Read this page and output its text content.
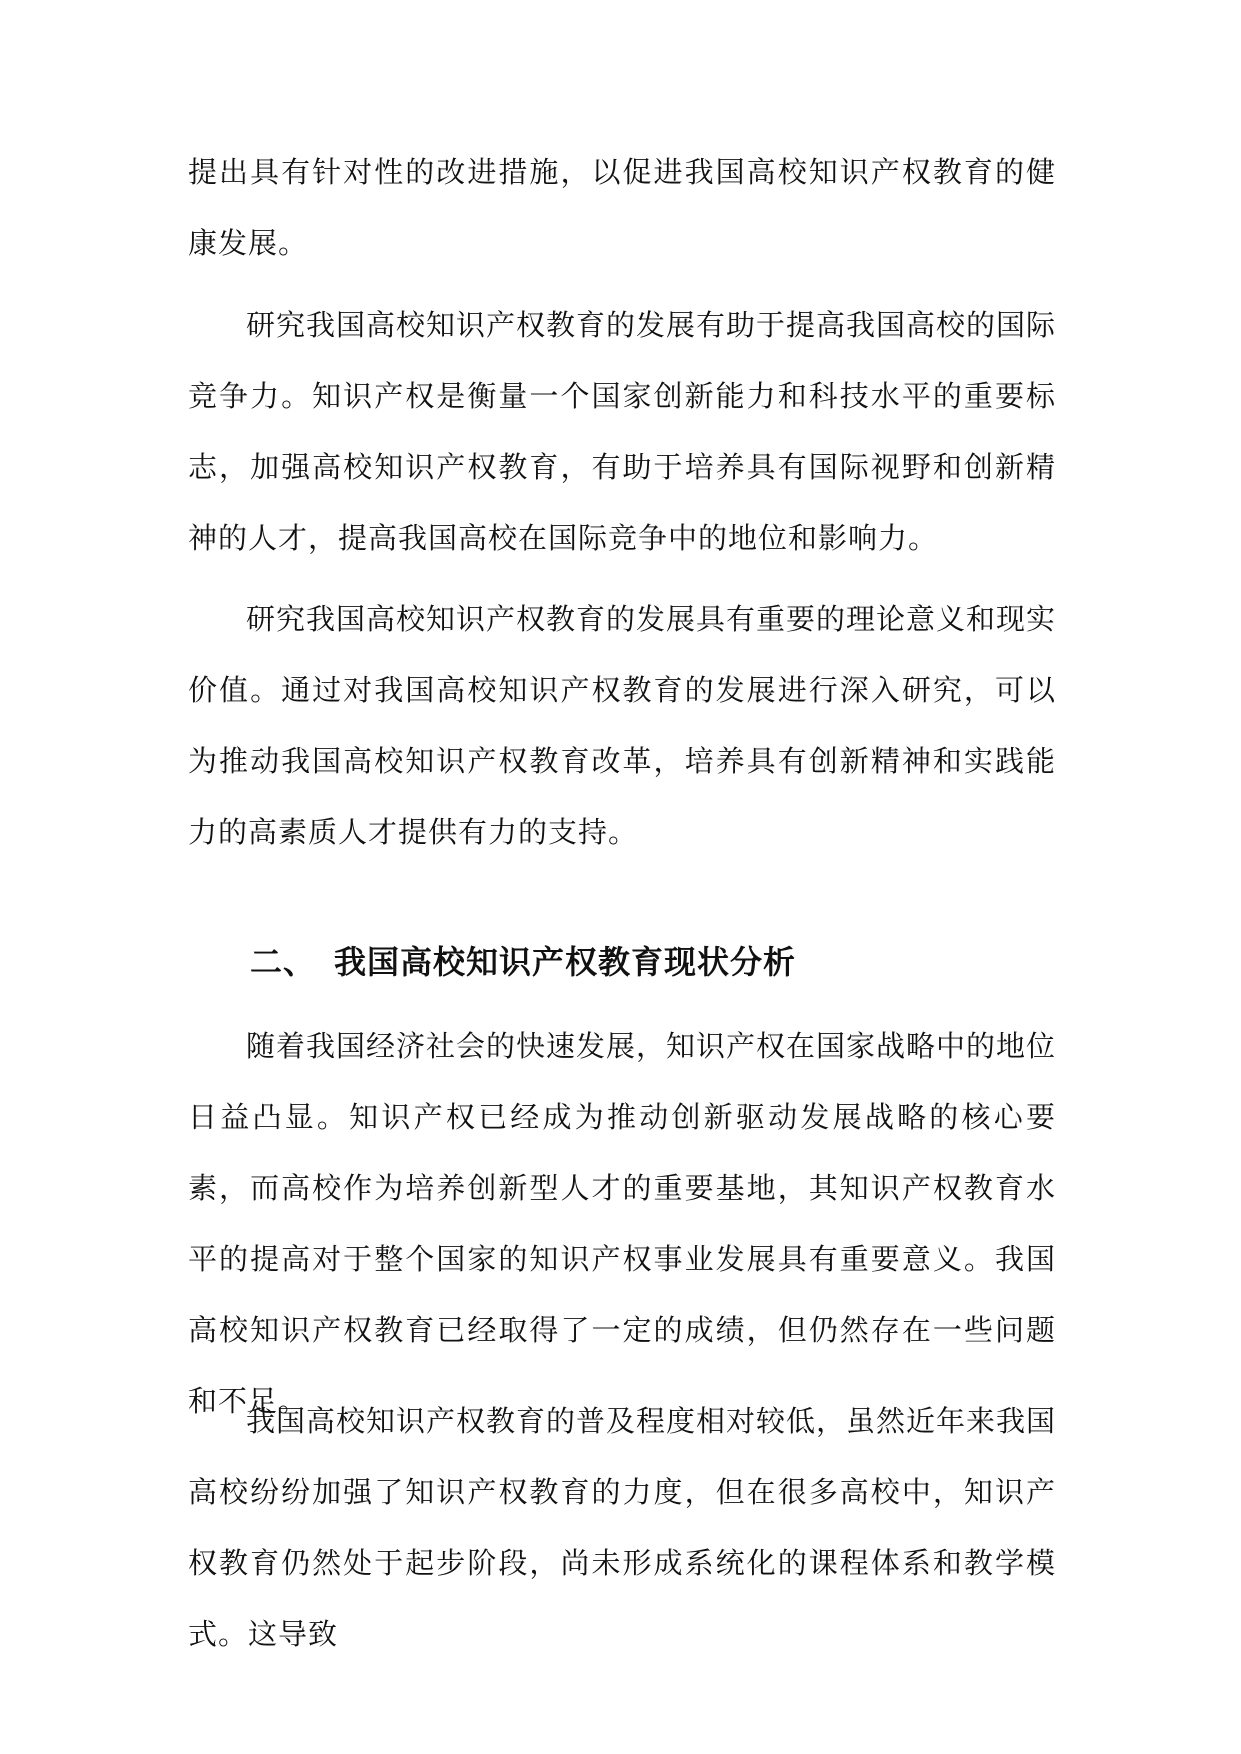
提出具有针对性的改进措施，以促进我国高校知识产权教育的健康发展。

研究我国高校知识产权教育的发展有助于提高我国高校的国际竞争力。知识产权是衡量一个国家创新能力和科技水平的重要标志，加强高校知识产权教育，有助于培养具有国际视野和创新精神的人才，提高我国高校在国际竞争中的地位和影响力。

研究我国高校知识产权教育的发展具有重要的理论意义和现实价值。通过对我国高校知识产权教育的发展进行深入研究，可以为推动我国高校知识产权教育改革，培养具有创新精神和实践能力的高素质人才提供有力的支持。

二、 我国高校知识产权教育现状分析

随着我国经济社会的快速发展，知识产权在国家战略中的地位日益凸显。知识产权已经成为推动创新驱动发展战略的核心要素，而高校作为培养创新型人才的重要基地，其知识产权教育水平的提高对于整个国家的知识产权事业发展具有重要意义。我国高校知识产权教育已经取得了一定的成绩，但仍然存在一些问题和不足。

我国高校知识产权教育的普及程度相对较低，虽然近年来我国高校纷纷加强了知识产权教育的力度，但在很多高校中，知识产权教育仍然处于起步阶段，尚未形成系统化的课程体系和教学模式。这导致
